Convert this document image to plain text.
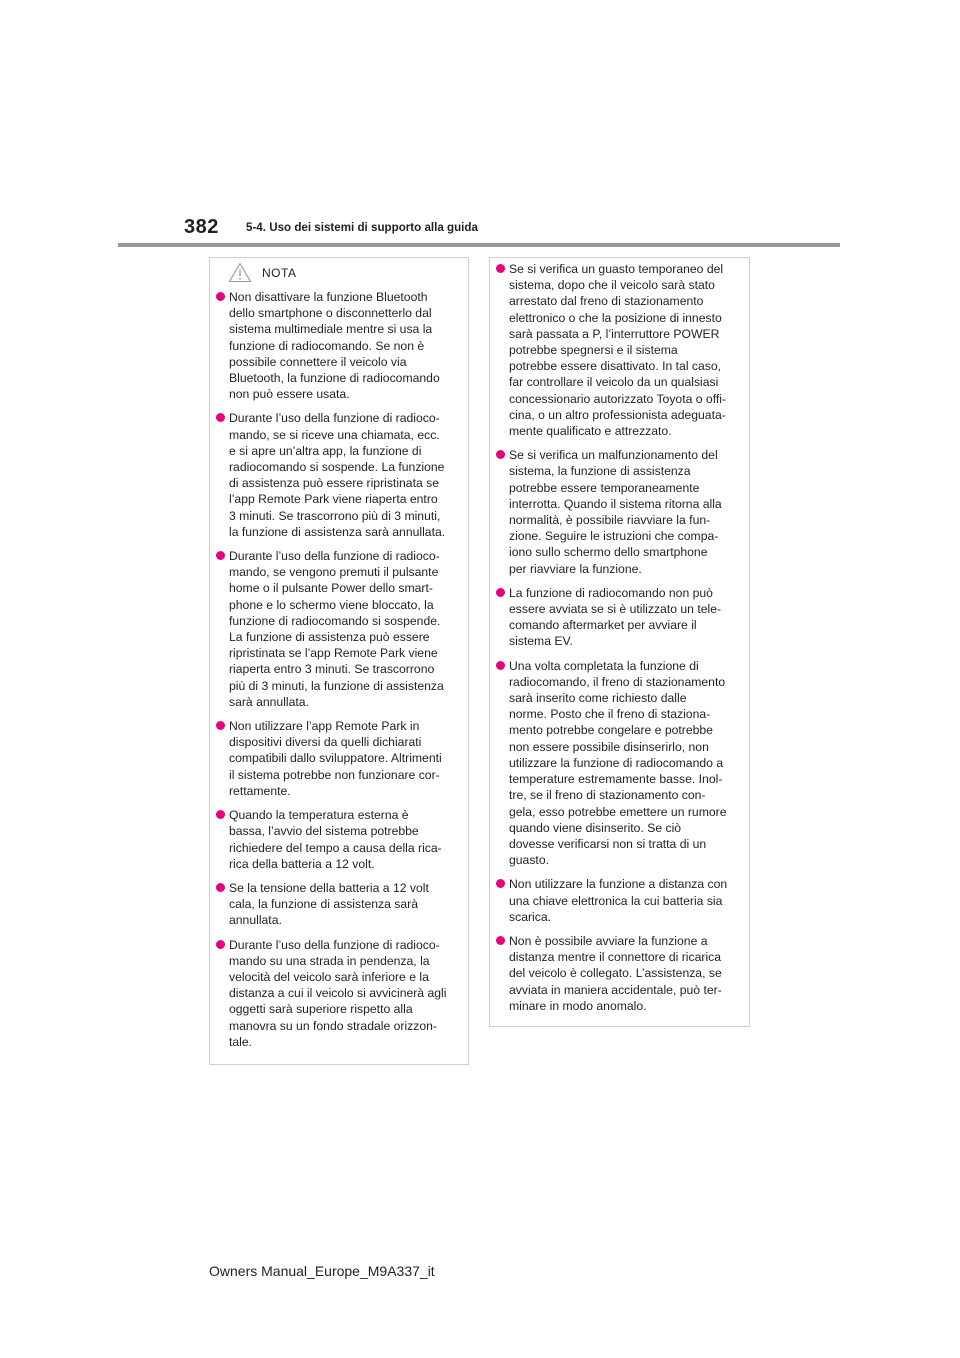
382 5-4. Uso dei sistemi di supporto alla guida
NOTA
Non disattivare la funzione Bluetooth
dello smartphone o disconnetterlo dal
sistema multimediale mentre si usa la
funzione di radiocomando. Se non è
possibile connettere il veicolo via
Bluetooth, la funzione di radiocomando
non può essere usata.
Durante l’uso della funzione di radioco-
mando, se si riceve una chiamata, ecc.
e si apre un’altra app, la funzione di
radiocomando si sospende. La funzione
di assistenza può essere ripristinata se
l’app Remote Park viene riaperta entro
3 minuti. Se trascorrono più di 3 minuti,
la funzione di assistenza sarà annullata.
Durante l’uso della funzione di radioco-
mando, se vengono premuti il pulsante
home o il pulsante Power dello smart-
phone e lo schermo viene bloccato, la
funzione di radiocomando si sospende.
La funzione di assistenza può essere
ripristinata se l’app Remote Park viene
riaperta entro 3 minuti. Se trascorrono
più di 3 minuti, la funzione di assistenza
sarà annullata.
Non utilizzare l’app Remote Park in
dispositivi diversi da quelli dichiarati
compatibili dallo sviluppatore. Altrimenti
il sistema potrebbe non funzionare cor-
rettamente.
Quando la temperatura esterna è
bassa, l’avvio del sistema potrebbe
richiedere del tempo a causa della rica-
rica della batteria a 12 volt.
Se la tensione della batteria a 12 volt
cala, la funzione di assistenza sarà
annullata.
Durante l’uso della funzione di radioco-
mando su una strada in pendenza, la
velocità del veicolo sarà inferiore e la
distanza a cui il veicolo si avvicinerà agli
oggetti sarà superiore rispetto alla
manovra su un fondo stradale orizzon-
tale.
Se si verifica un guasto temporaneo del
sistema, dopo che il veicolo sarà stato
arrestato dal freno di stazionamento
elettronico o che la posizione di innesto
sarà passata a P, l’interruttore POWER
potrebbe spegnersi e il sistema
potrebbe essere disattivato. In tal caso,
far controllare il veicolo da un qualsiasi
concessionario autorizzato Toyota o offi-
cina, o un altro professionista adeguata-
mente qualificato e attrezzato.
Se si verifica un malfunzionamento del
sistema, la funzione di assistenza
potrebbe essere temporaneamente
interrotta. Quando il sistema ritorna alla
normalità, è possibile riavviare la fun-
zione. Seguire le istruzioni che compa-
iono sullo schermo dello smartphone
per riavviare la funzione.
La funzione di radiocomando non può
essere avviata se si è utilizzato un tele-
comando aftermarket per avviare il
sistema EV.
Una volta completata la funzione di
radiocomando, il freno di stazionamento
sarà inserito come richiesto dalle
norme. Posto che il freno di staziona-
mento potrebbe congelare e potrebbe
non essere possibile disinserirlo, non
utilizzare la funzione di radiocomando a
temperature estremamente basse. Inol-
tre, se il freno di stazionamento con-
gela, esso potrebbe emettere un rumore
quando viene disinserito. Se ciò
dovesse verificarsi non si tratta di un
guasto.
Non utilizzare la funzione a distanza con
una chiave elettronica la cui batteria sia
scarica.
Non è possibile avviare la funzione a
distanza mentre il connettore di ricarica
del veicolo è collegato. L’assistenza, se
avviata in maniera accidentale, può ter-
minare in modo anomalo.
Owners Manual_Europe_M9A337_it
